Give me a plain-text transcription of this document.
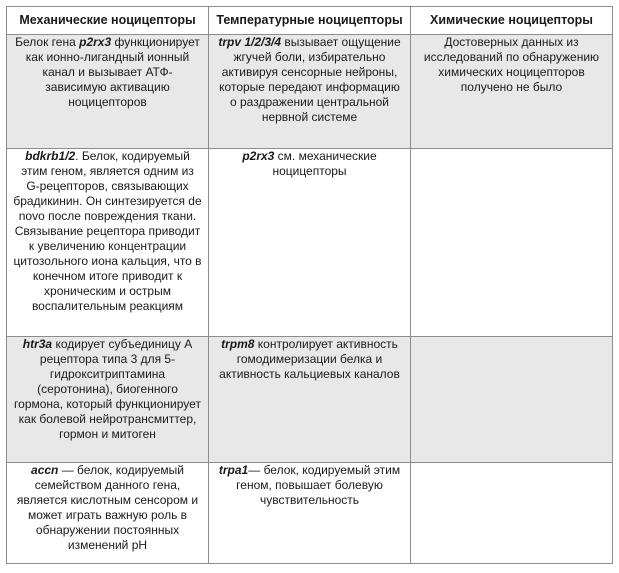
Механические ноцицепторы	Температурные ноцицепторы	Химические ноцицепторы
Белок гена p2rx3 функционирует как ионно-лигандный ионный канал и вызывает АТФ-зависимую активацию ноцицепторов	trpv 1/2/3/4 вызывает ощущение жгучей боли, избирательно активируя сенсорные нейроны, которые передают информацию о раздражении центральной нервной системе	Достоверных данных из исследований по обнаружению химических ноцицепторов получено не было
bdkrb1/2. Белок, кодируемый этим геном, является одним из G-рецепторов, связывающих брадикинин. Он синтезируется de novo после повреждения ткани. Связывание рецептора приводит к увеличению концентрации цитозольного иона кальция, что в конечном итоге приводит к хроническим и острым воспалительным реакциям	p2rx3 см. механические ноцицепторы	
htr3a кодирует субъединицу A рецептора типа 3 для 5-гидрокситриптамина (серотонина), биогенного гормона, который функционирует как болевой нейротрансмиттер, гормон и митоген	trpm8 контролирует активность гомодимеризации белка и активность кальциевых каналов	
accn — белок, кодируемый семейством данного гена, является кислотным сенсором и может играть важную роль в обнаружении постоянных изменений pH	trpa1— белок, кодируемый этим геном, повышает болевую чувствительность	
